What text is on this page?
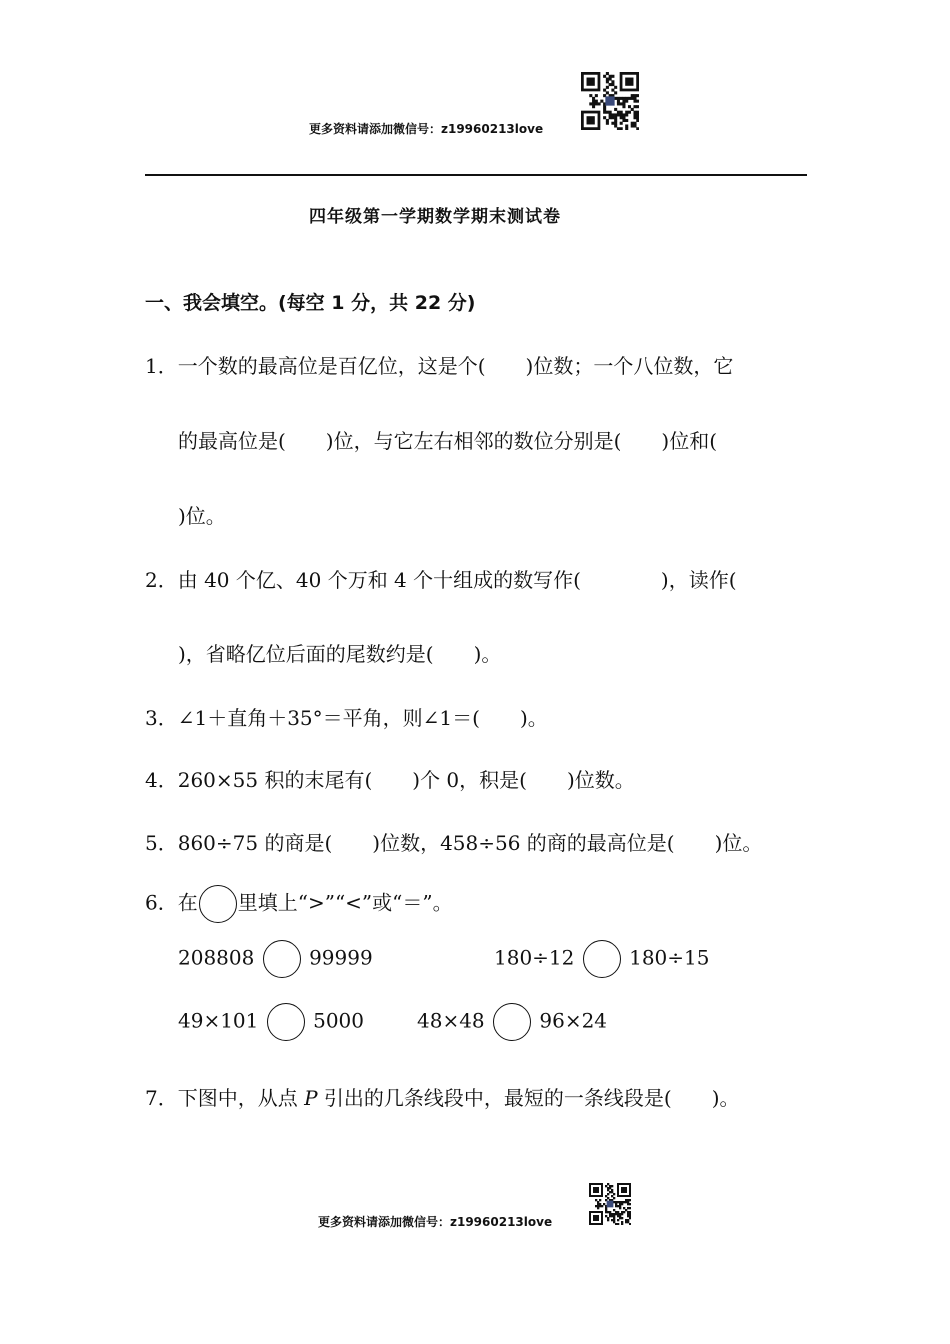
更多资料请添加微信号：z19960213love
四年级第一学期数学期末测试卷
一、我会填空。(每空 1 分，共 22 分)
1．一个数的最高位是百亿位，这是个(　　)位数；一个八位数，它
的最高位是(　　)位，与它左右相邻的数位分别是(　　)位和(
)位。
2．由 40 个亿、40 个万和 4 个十组成的数写作(　　　　)，读作(
)，省略亿位后面的尾数约是(　　)。
3．∠1＋直角＋35°＝平角，则∠1＝(　　)。
4．260×55 积的末尾有(　　)个 0，积是(　　)位数。
5．860÷75 的商是(　　)位数，458÷56 的商的最高位是(　　)位。
6．在 里填上“>”“<”或“＝”。
208808	99999	180÷12	180÷15
49×101	5000	48×48	96×24
7．下图中，从点 P 引出的几条线段中，最短的一条线段是(　　)。
更多资料请添加微信号：z19960213love
